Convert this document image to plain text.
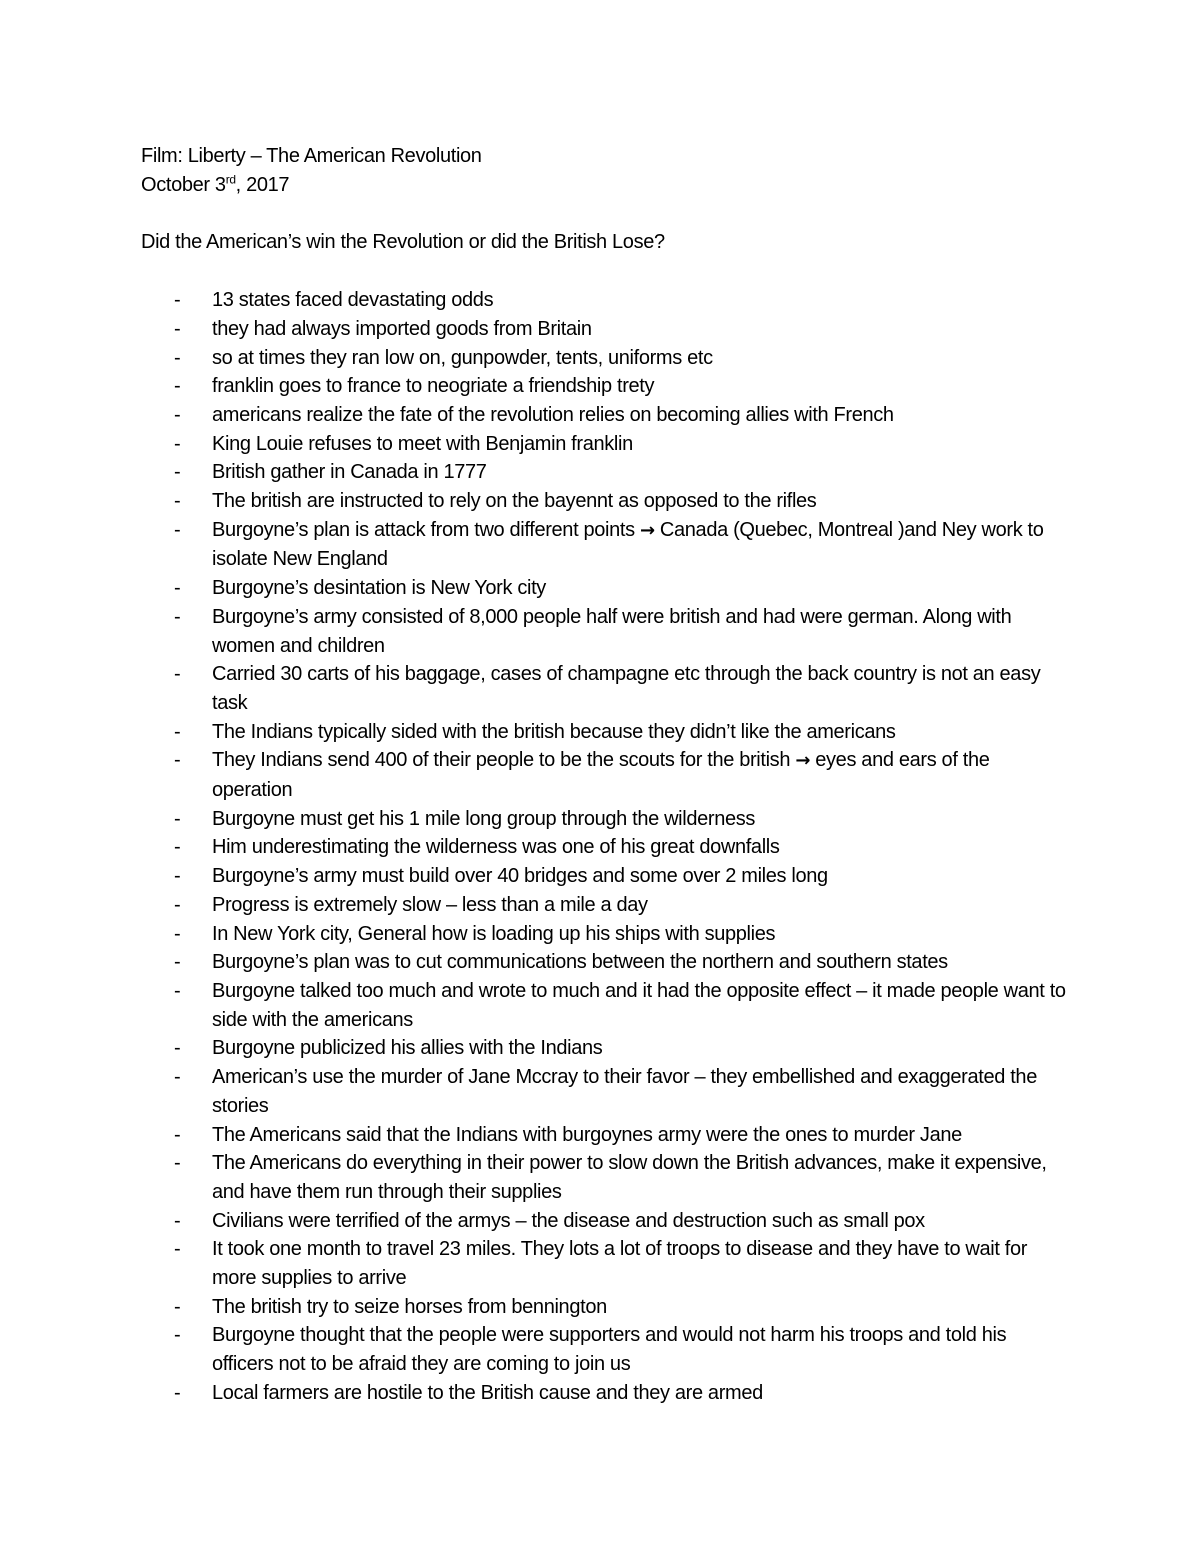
Film: Liberty – The American Revolution

October 3rd, 2017

Did the American’s win the Revolution or did the British Lose?

- 13 states faced devastating odds
- they had always imported goods from Britain
- so at times they ran low on, gunpowder, tents, uniforms etc
- franklin goes to france to neogriate a friendship trety
- americans realize the fate of the revolution relies on becoming allies with French
- King Louie refuses to meet with Benjamin franklin
- British gather in Canada in 1777
- The british are instructed to rely on the bayennt as opposed to the rifles
- Burgoyne’s plan is attack from two different points → Canada (Quebec, Montreal )and Ney work to isolate New England
- Burgoyne’s desintation is New York city
- Burgoyne’s army consisted of 8,000 people half were british and had were german. Along with women and children
- Carried 30 carts of his baggage, cases of champagne etc through the back country is not an easy task
- The Indians typically sided with the british because they didn’t like the americans
- They Indians send 400 of their people to be the scouts for the british → eyes and ears of the operation
- Burgoyne must get his 1 mile long group through the wilderness
- Him underestimating the wilderness was one of his great downfalls
- Burgoyne’s army must build over 40 bridges and some over 2 miles long
- Progress is extremely slow – less than a mile a day
- In New York city, General how is loading up his ships with supplies
- Burgoyne’s plan was to cut communications between the northern and southern states
- Burgoyne talked too much and wrote to much and it had the opposite effect – it made people want to side with the americans
- Burgoyne publicized his allies with the Indians
- American’s use the murder of Jane Mccray to their favor – they embellished and exaggerated the stories
- The Americans said that the Indians with burgoynes army were the ones to murder Jane
- The Americans do everything in their power to slow down the British advances, make it expensive, and have them run through their supplies
- Civilians were terrified of the armys – the disease and destruction such as small pox
- It took one month to travel 23 miles. They lots a lot of troops to disease and they have to wait for more supplies to arrive
- The british try to seize horses from bennington
- Burgoyne thought that the people were supporters and would not harm his troops and told his officers not to be afraid they are coming to join us
- Local farmers are hostile to the British cause and they are armed
